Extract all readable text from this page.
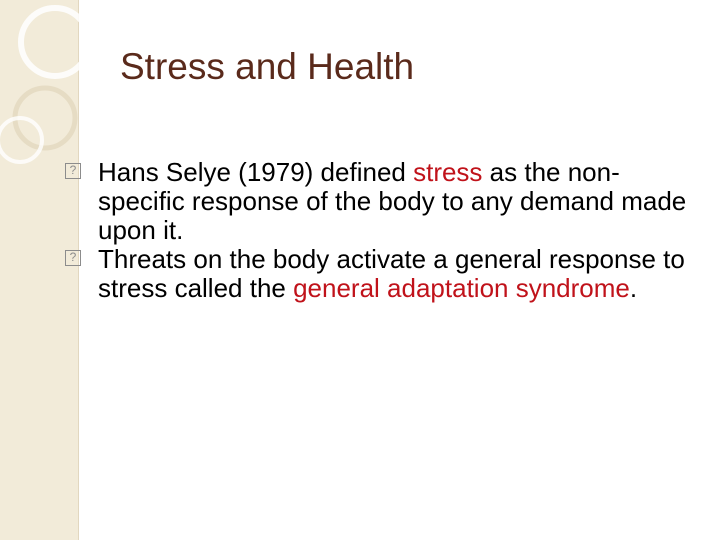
Stress and Health
? Hans Selye (1979) defined stress as the non-specific response of the body to any demand made upon it.
? Threats on the body activate a general response to stress called the general adaptation syndrome.
